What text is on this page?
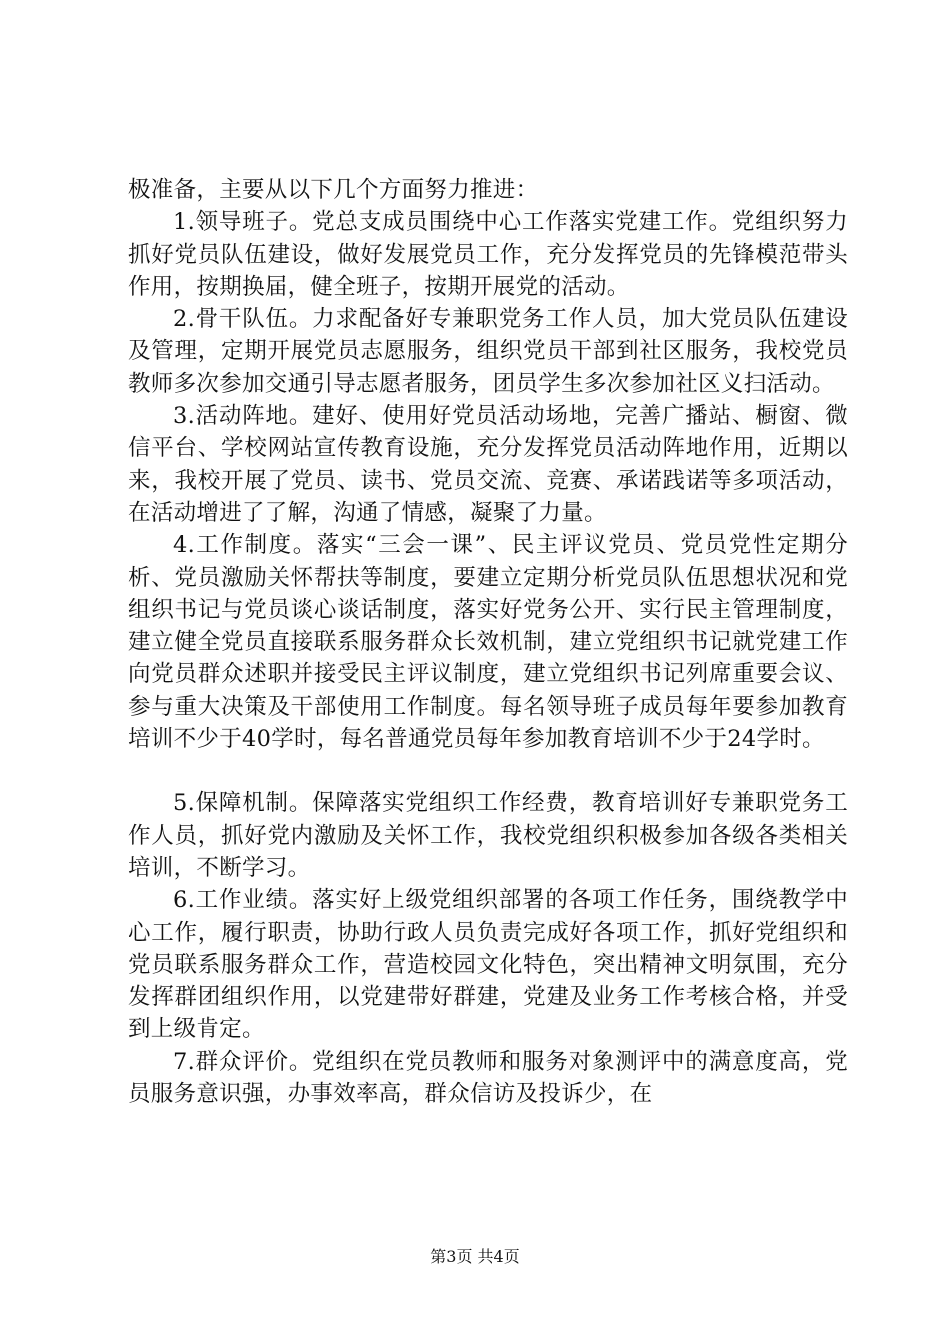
极准备，主要从以下几个方面努力推进：

1.领导班子。党总支成员围绕中心工作落实党建工作。党组织努力抓好党员队伍建设，做好发展党员工作，充分发挥党员的先锋模范带头作用，按期换届，健全班子，按期开展党的活动。

2.骨干队伍。力求配备好专兼职党务工作人员，加大党员队伍建设及管理，定期开展党员志愿服务，组织党员干部到社区服务，我校党员教师多次参加交通引导志愿者服务，团员学生多次参加社区义扫活动。

3.活动阵地。建好、使用好党员活动场地，完善广播站、橱窗、微信平台、学校网站宣传教育设施，充分发挥党员活动阵地作用，近期以来，我校开展了党员、读书、党员交流、竞赛、承诺践诺等多项活动，在活动增进了了解，沟通了情感，凝聚了力量。

4.工作制度。落实“三会一课”、民主评议党员、党员党性定期分析、党员激励关怀帮扶等制度，要建立定期分析党员队伍思想状况和党组织书记与党员谈心谈话制度，落实好党务公开、实行民主管理制度，建立健全党员直接联系服务群众长效机制，建立党组织书记就党建工作向党员群众述职并接受民主评议制度，建立党组织书记列席重要会议、参与重大决策及干部使用工作制度。每名领导班子成员每年要参加教育培训不少于40学时，每名普通党员每年参加教育培训不少于24学时。

5.保障机制。保障落实党组织工作经费，教育培训好专兼职党务工作人员，抓好党内激励及关怀工作，我校党组织积极参加各级各类相关培训，不断学习。

6.工作业绩。落实好上级党组织部署的各项工作任务，围绕教学中心工作，履行职责，协助行政人员负责完成好各项工作，抓好党组织和党员联系服务群众工作，营造校园文化特色，突出精神文明氛围，充分发挥群团组织作用，以党建带好群建，党建及业务工作考核合格，并受到上级肯定。

7.群众评价。党组织在党员教师和服务对象测评中的满意度高，党员服务意识强，办事效率高，群众信访及投诉少，在

第3页 共4页
